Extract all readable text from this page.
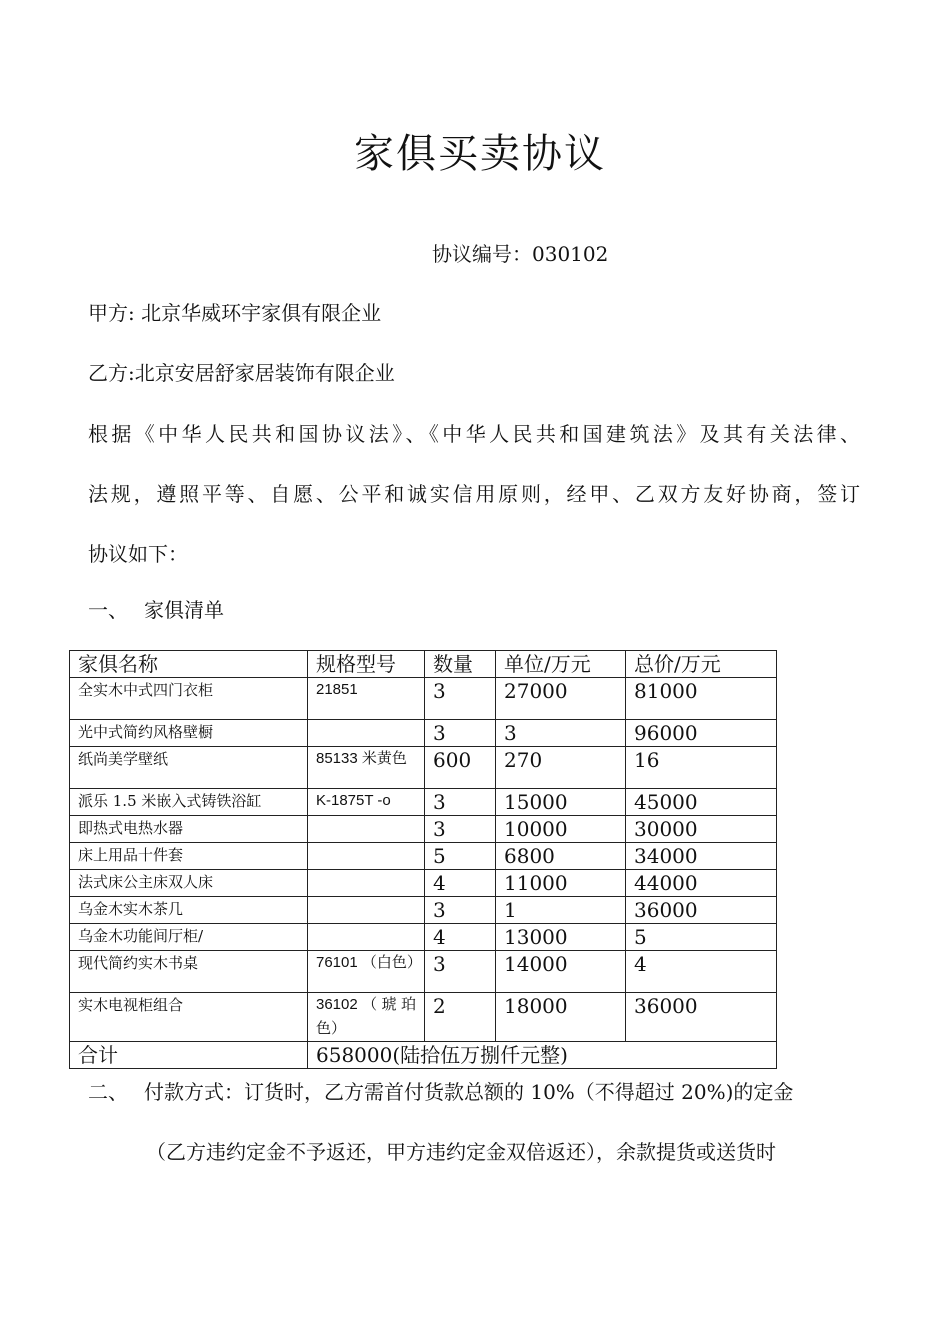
家俱买卖协议
协议编号：030102
甲方: 北京华威环宇家俱有限企业
乙方:北京安居舒家居装饰有限企业
根据《中华人民共和国协议法》、《中华人民共和国建筑法》及其有关法律、
法规，遵照平等、自愿、公平和诚实信用原则，经甲、乙双方友好协商，签订
协议如下：
一、 家俱清单
家俱名称	规格型号	数量	单位/万元	总价/万元
全实木中式四门衣柜	21851	3	27000	81000
光中式简约风格壁橱		3	3	96000
纸尚美学壁纸	85133 米黄色	600	270	16
派乐 1.5 米嵌入式铸铁浴缸	K-1875T -o	3	15000	45000
即热式电热水器		3	10000	30000
床上用品十件套		5	6800	34000
法式床公主床双人床		4	11000	44000
乌金木实木茶几		3	1	36000
乌金木功能间厅柜/		4	13000	5
现代简约实木书桌	76101 （白色）	3	14000	4
实木电视柜组合	36102（琥珀色）	2	18000	36000
合计	658000(陆拾伍万捌仟元整)			
二、 付款方式：订货时，乙方需首付货款总额的 10%（不得超过 20%)的定金
（乙方违约定金不予返还，甲方违约定金双倍返还），余款提货或送货时
